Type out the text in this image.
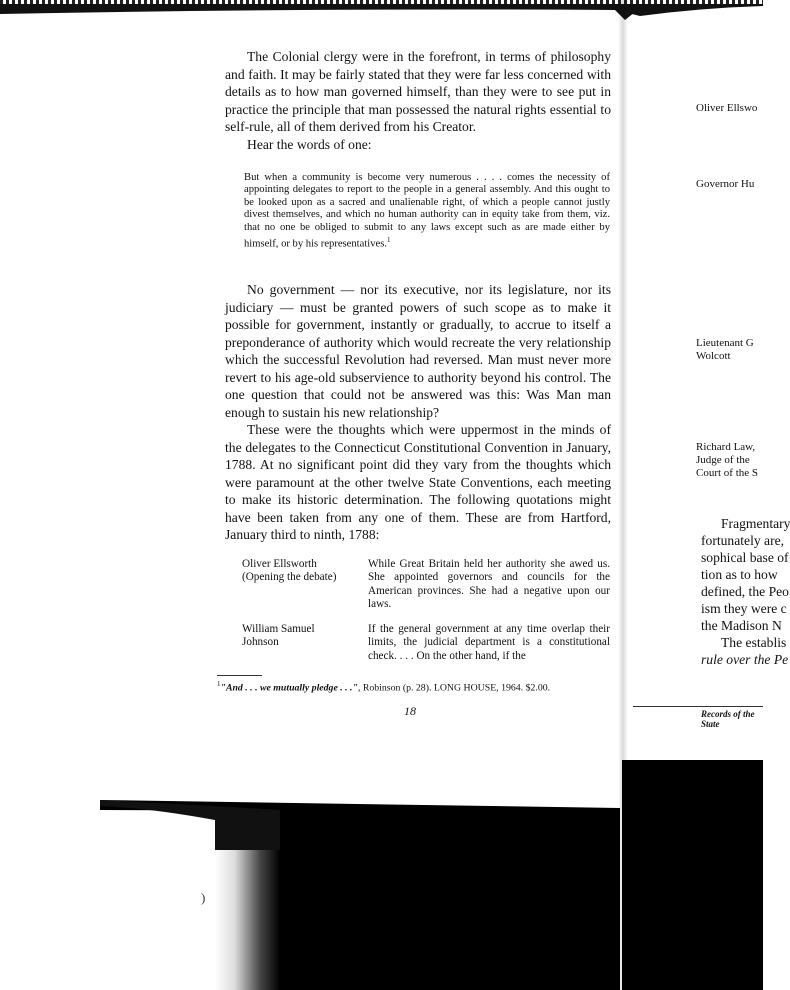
)

The Colonial clergy were in the forefront, in terms of philosophy and faith. It may be fairly stated that they were far less concerned with details as to how man governed himself, than they were to see put in practice the principle that man possessed the natural rights essential to self-rule, all of them derived from his Creator.

Hear the words of one:

But when a community is become very numerous . . . . comes the necessity of appointing delegates to report to the people in a general assembly. And this ought to be looked upon as a sacred and unalienable right, of which a people cannot justly divest themselves, and which no human authority can in equity take from them, viz. that no one be obliged to submit to any laws except such as are made either by himself, or by his representatives.$^1$

No government — nor its executive, nor its legislature, nor its judiciary — must be granted powers of such scope as to make it possible for government, instantly or gradually, to accrue to itself a preponderance of authority which would recreate the very relationship which the successful Revolution had reversed. Man must never more revert to his age-old subservience to authority beyond his control. The one question that could not be answered was this: Was Man man enough to sustain his new relationship?

These were the thoughts which were uppermost in the minds of the delegates to the Connecticut Constitutional Convention in January, 1788. At no significant point did they vary from the thoughts which were paramount at the other twelve State Conventions, each meeting to make its historic determination. The following quotations might have been taken from any one of them. These are from Hartford, January third to ninth, 1788:

Oliver Ellsworth
(Opening the debate)
While Great Britain held her authority she awed us. She appointed governors and councils for the American provinces. She had a negative upon our laws.
William Samuel
Johnson
If the general government at any time overlap their limits, the judicial department is a constitutional check. . . . On the other hand, if the
$^1$"And . . . we mutually pledge . . .", Robinson (p. 28). LONG HOUSE, 1964. $2.00.
18
Oliver Ellswo
Governor Hu
Lieutenant G
Wolcott
Richard Law,
Judge of the
Court of the S
Fragmentary
fortunately are,
sophical base of
tion as to how
defined, the Peo
ism they were c
the Madison N
The establis
rule over the Pe
Records of the State
